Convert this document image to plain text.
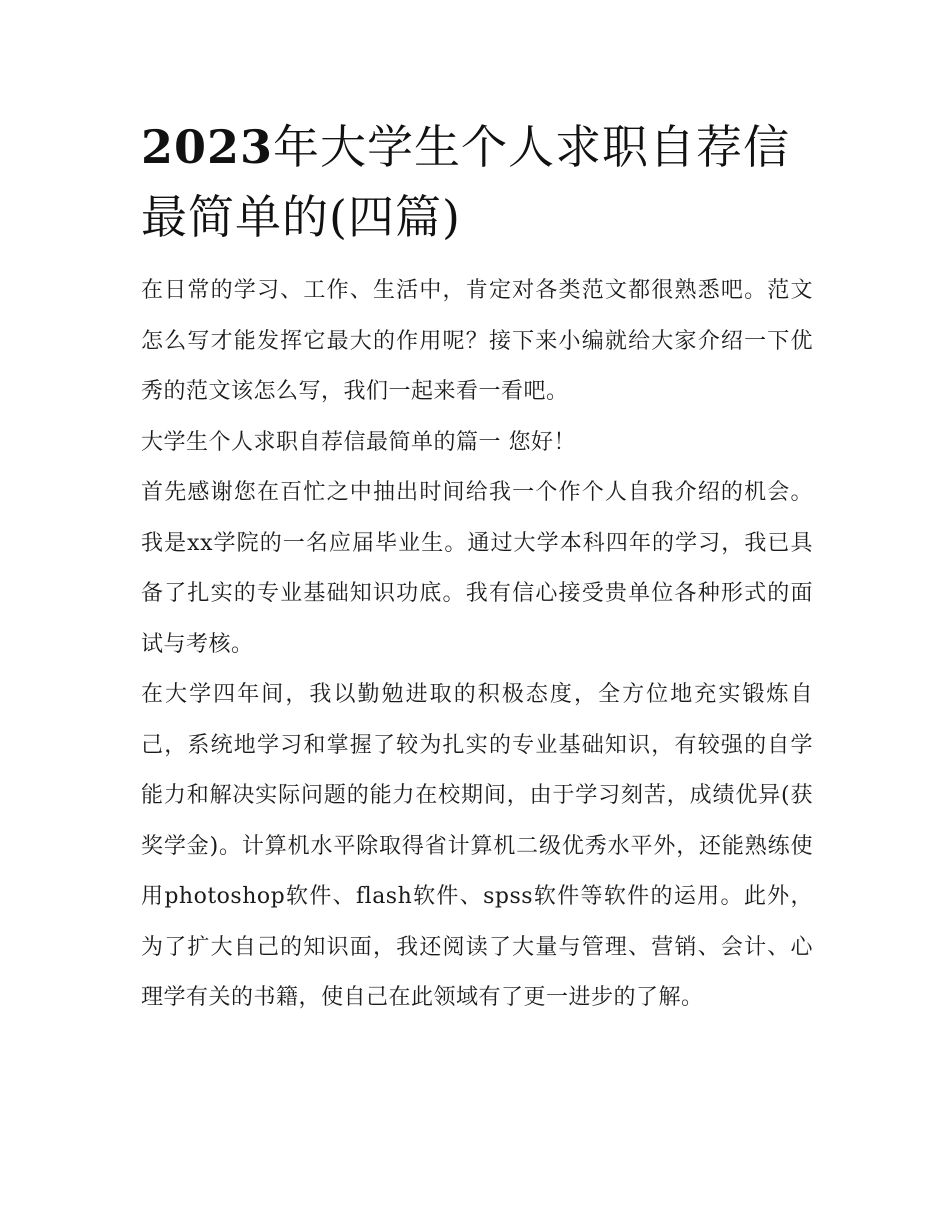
2023年大学生个人求职自荐信最简单的(四篇)

在日常的学习、工作、生活中，肯定对各类范文都很熟悉吧。范文怎么写才能发挥它最大的作用呢？接下来小编就给大家介绍一下优秀的范文该怎么写，我们一起来看一看吧。

大学生个人求职自荐信最简单的篇一 您好！

首先感谢您在百忙之中抽出时间给我一个作个人自我介绍的机会。我是xx学院的一名应届毕业生。通过大学本科四年的学习，我已具备了扎实的专业基础知识功底。我有信心接受贵单位各种形式的面试与考核。

在大学四年间，我以勤勉进取的积极态度，全方位地充实锻炼自己，系统地学习和掌握了较为扎实的专业基础知识，有较强的自学能力和解决实际问题的能力在校期间，由于学习刻苦，成绩优异(获奖学金)。计算机水平除取得省计算机二级优秀水平外，还能熟练使用photoshop软件、flash软件、spss软件等软件的运用。此外，为了扩大自己的知识面，我还阅读了大量与管理、营销、会计、心理学有关的书籍，使自己在此领域有了更一进步的了解。
